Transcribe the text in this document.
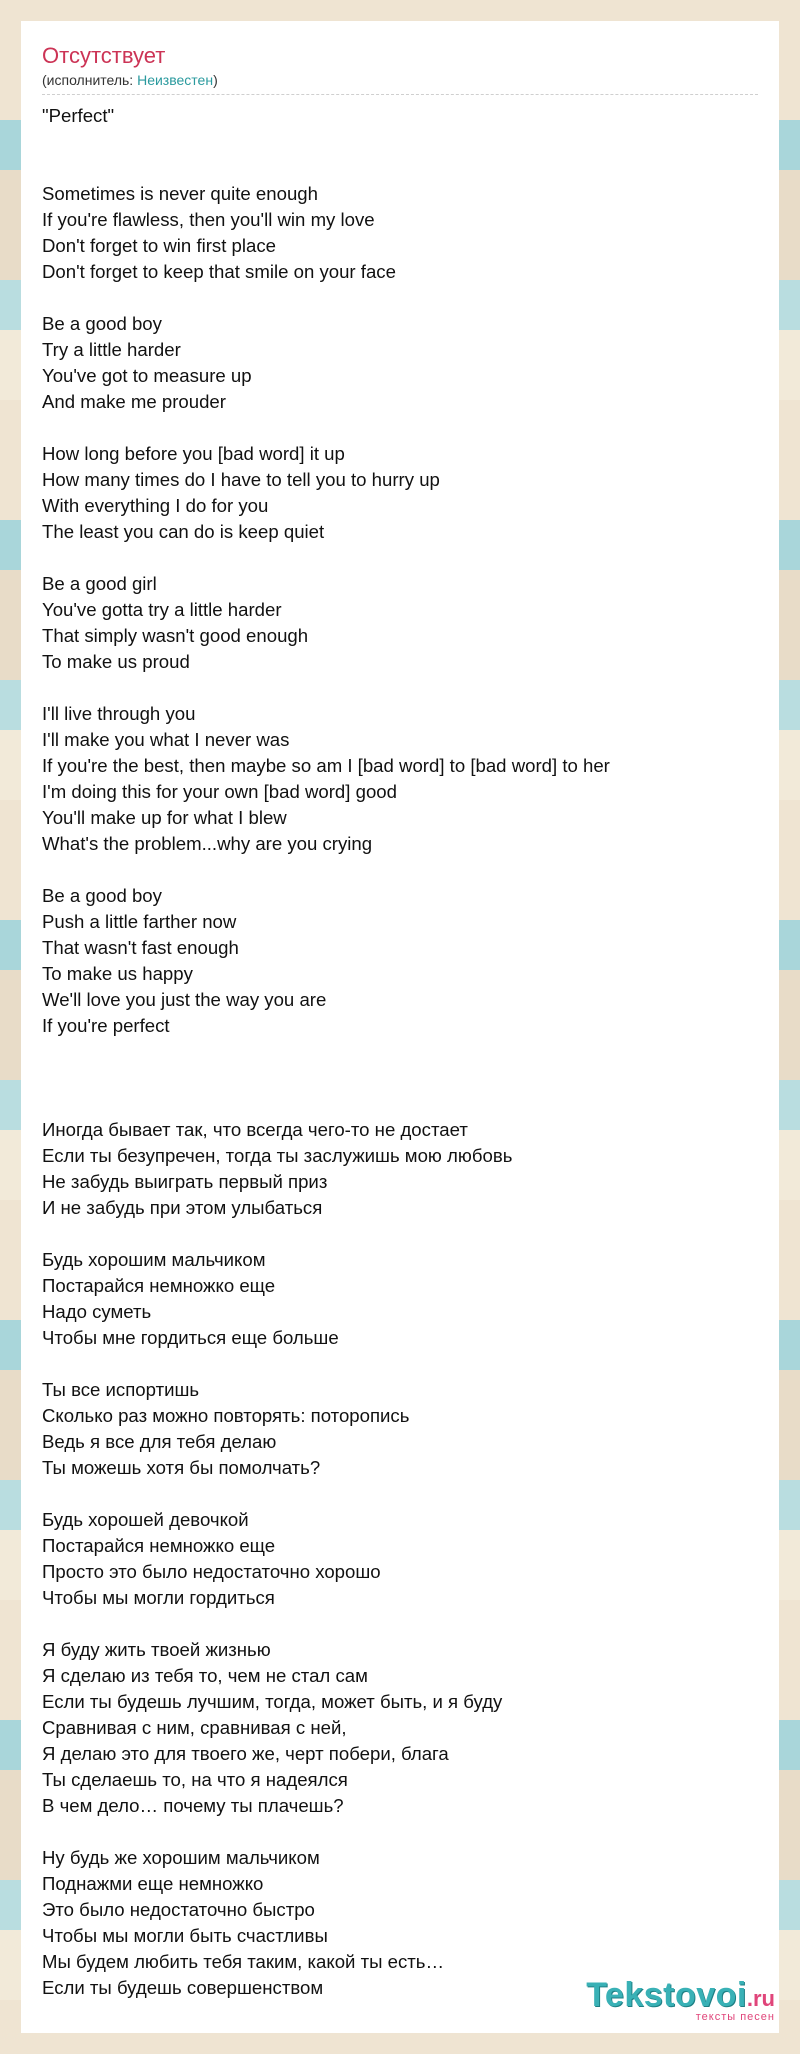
Отсутствует
(исполнитель: Неизвестен)
"Perfect"
Sometimes is never quite enough
If you're flawless, then you'll win my love
Don't forget to win first place
Don't forget to keep that smile on your face
Be a good boy
Try a little harder
You've got to measure up
And make me prouder
How long before you [bad word] it up
How many times do I have to tell you to hurry up
With everything I do for you
The least you can do is keep quiet
Be a good girl
You've gotta try a little harder
That simply wasn't good enough
To make us proud
I'll live through you
I'll make you what I never was
If you're the best, then maybe so am I [bad word] to [bad word] to her
I'm doing this for your own [bad word] good
You'll make up for what I blew
What's the problem...why are you crying
Be a good boy
Push a little farther now
That wasn't fast enough
To make us happy
We'll love you just the way you are
If you're perfect
Иногда бывает так, что всегда чего-то не достает
Если ты безупречен, тогда ты заслужишь мою любовь
Не забудь выиграть первый приз
И не забудь при этом улыбаться
Будь хорошим мальчиком
Постарайся немножко еще
Надо суметь
Чтобы мне гордиться еще больше
Ты все испортишь
Сколько раз можно повторять: поторопись
Ведь я все для тебя делаю
Ты можешь хотя бы помолчать?
Будь хорошей девочкой
Постарайся немножко еще
Просто это было недостаточно хорошо
Чтобы мы могли гордиться
Я буду жить твоей жизнью
Я сделаю из тебя то, чем не стал сам
Если ты будешь лучшим, тогда, может быть, и я буду
Сравнивая с ним, сравнивая с ней,
Я делаю это для твоего же, черт побери, блага
Ты сделаешь то, на что я надеялся
В чем дело… почему ты плачешь?
Ну будь же хорошим мальчиком
Поднажми еще немножко
Это было недостаточно быстро
Чтобы мы могли быть счастливы
Мы будем любить тебя таким, какой ты есть…
Если ты будешь совершенством	Tekstovoi.ru
тексты песен
